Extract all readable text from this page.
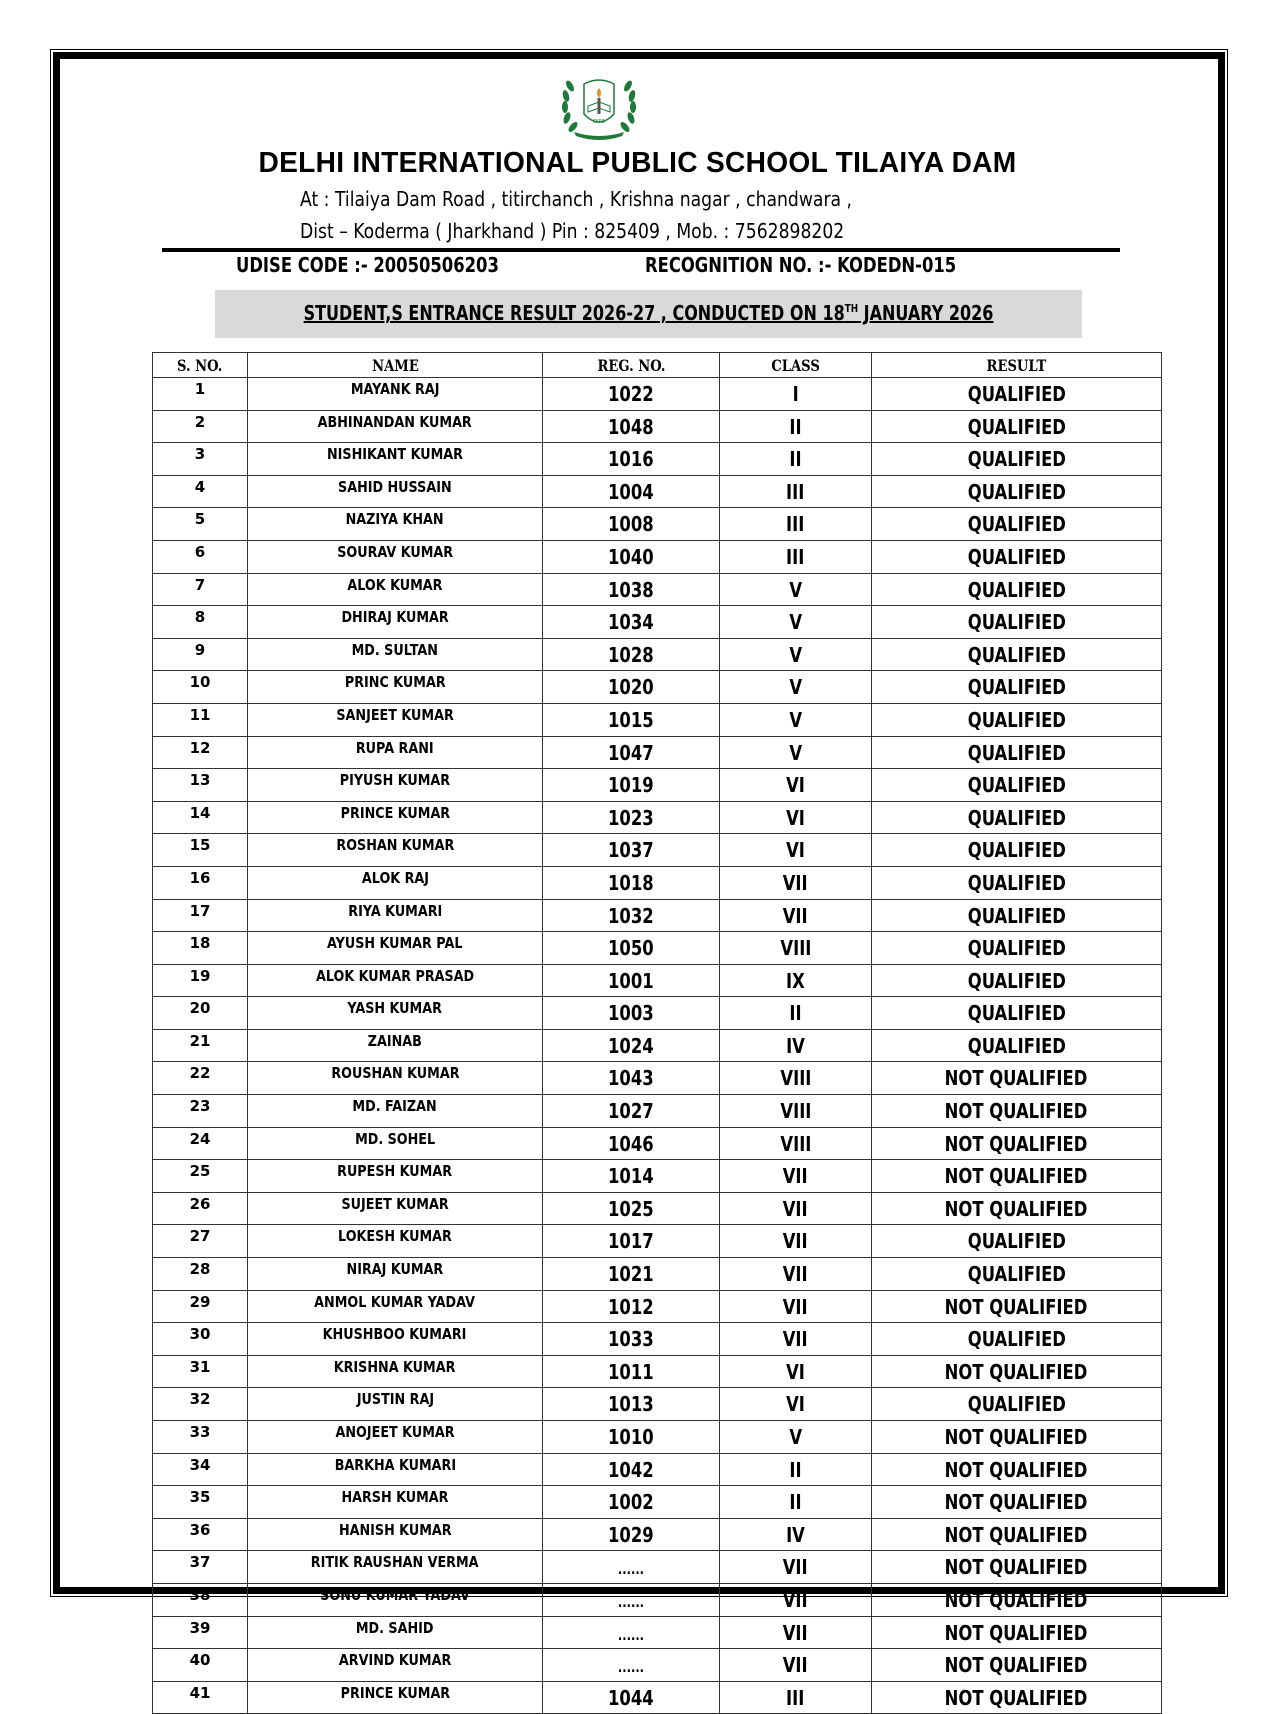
DIPS
DELHI INTERNATIONAL PUBLIC SCHOOL TILAIYA DAM
At : Tilaiya Dam Road , titirchanch , Krishna nagar , chandwara ,
Dist – Koderma ( Jharkhand ) Pin : 825409 , Mob. : 7562898202
UDISE CODE :- 20050506203	RECOGNITION NO. :- KODEDN-015
STUDENT,S ENTRANCE RESULT 2026-27 , CONDUCTED ON 18TH JANUARY 2026
S. NO.	NAME	REG. NO.	CLASS	RESULT
1	MAYANK RAJ	1022	I	QUALIFIED
2	ABHINANDAN KUMAR	1048	II	QUALIFIED
3	NISHIKANT KUMAR	1016	II	QUALIFIED
4	SAHID HUSSAIN	1004	III	QUALIFIED
5	NAZIYA KHAN	1008	III	QUALIFIED
6	SOURAV KUMAR	1040	III	QUALIFIED
7	ALOK KUMAR	1038	V	QUALIFIED
8	DHIRAJ KUMAR	1034	V	QUALIFIED
9	MD. SULTAN	1028	V	QUALIFIED
10	PRINC KUMAR	1020	V	QUALIFIED
11	SANJEET KUMAR	1015	V	QUALIFIED
12	RUPA RANI	1047	V	QUALIFIED
13	PIYUSH KUMAR	1019	VI	QUALIFIED
14	PRINCE KUMAR	1023	VI	QUALIFIED
15	ROSHAN KUMAR	1037	VI	QUALIFIED
16	ALOK RAJ	1018	VII	QUALIFIED
17	RIYA KUMARI	1032	VII	QUALIFIED
18	AYUSH KUMAR PAL	1050	VIII	QUALIFIED
19	ALOK KUMAR PRASAD	1001	IX	QUALIFIED
20	YASH KUMAR	1003	II	QUALIFIED
21	ZAINAB	1024	IV	QUALIFIED
22	ROUSHAN KUMAR	1043	VIII	NOT QUALIFIED
23	MD. FAIZAN	1027	VIII	NOT QUALIFIED
24	MD. SOHEL	1046	VIII	NOT QUALIFIED
25	RUPESH KUMAR	1014	VII	NOT QUALIFIED
26	SUJEET KUMAR	1025	VII	NOT QUALIFIED
27	LOKESH KUMAR	1017	VII	QUALIFIED
28	NIRAJ KUMAR	1021	VII	QUALIFIED
29	ANMOL KUMAR YADAV	1012	VII	NOT QUALIFIED
30	KHUSHBOO KUMARI	1033	VII	QUALIFIED
31	KRISHNA KUMAR	1011	VI	NOT QUALIFIED
32	JUSTIN RAJ	1013	VI	QUALIFIED
33	ANOJEET KUMAR	1010	V	NOT QUALIFIED
34	BARKHA KUMARI	1042	II	NOT QUALIFIED
35	HARSH KUMAR	1002	II	NOT QUALIFIED
36	HANISH KUMAR	1029	IV	NOT QUALIFIED
37	RITIK RAUSHAN VERMA	......	VII	NOT QUALIFIED
38	SONU KUMAR YADAV	......	VII	NOT QUALIFIED
39	MD. SAHID	......	VII	NOT QUALIFIED
40	ARVIND KUMAR	......	VII	NOT QUALIFIED
41	PRINCE KUMAR	1044	III	NOT QUALIFIED
